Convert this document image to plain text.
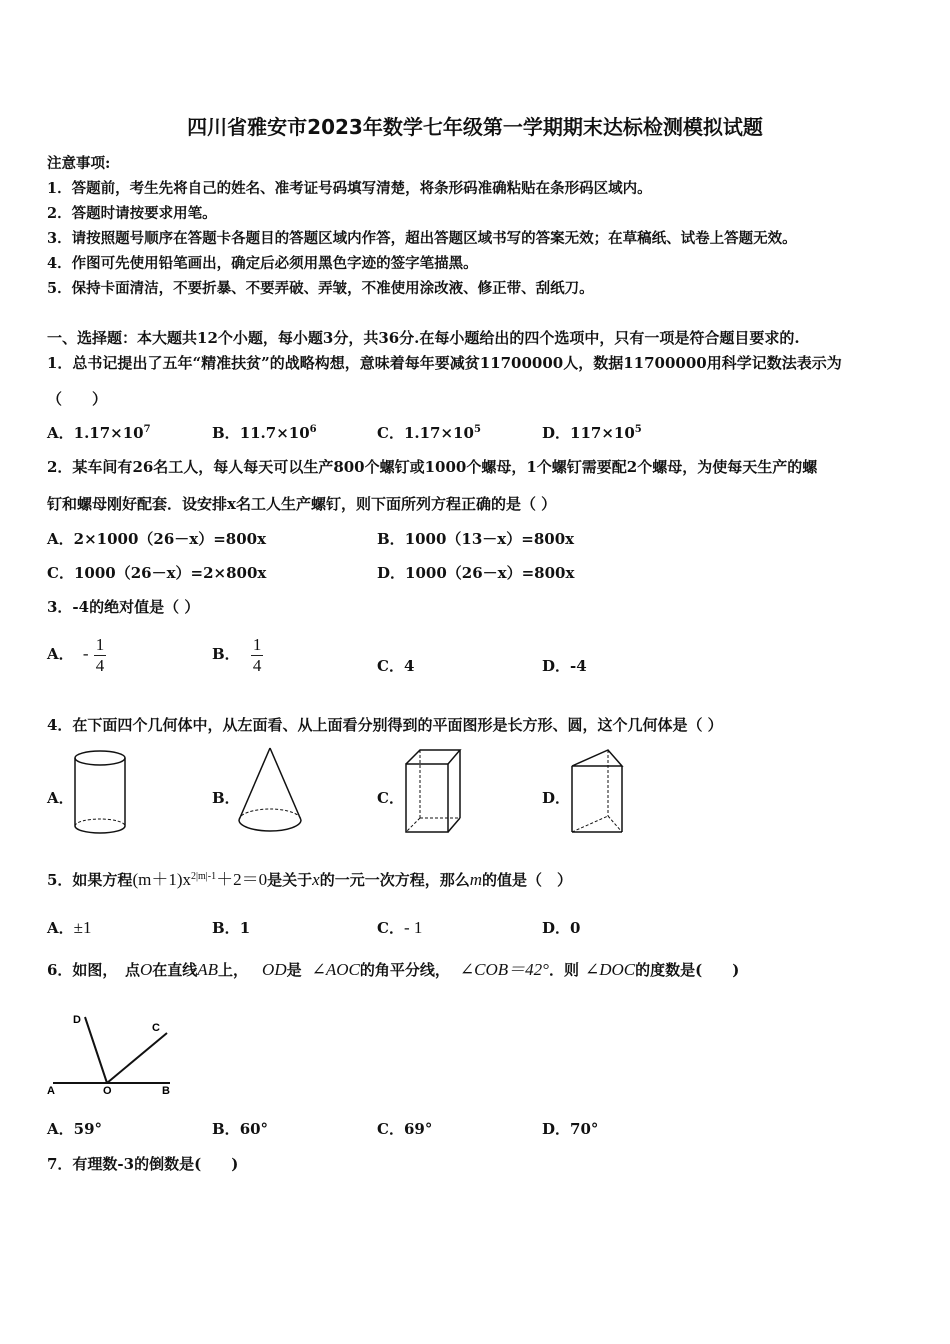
四川省雅安市2023年数学七年级第一学期期末达标检测模拟试题
注意事项:
1．答题前，考生先将自己的姓名、准考证号码填写清楚，将条形码准确粘贴在条形码区域内。
2．答题时请按要求用笔。
3．请按照题号顺序在答题卡各题目的答题区域内作答，超出答题区域书写的答案无效；在草稿纸、试卷上答题无效。
4．作图可先使用铅笔画出，确定后必须用黑色字迹的签字笔描黑。
5．保持卡面清洁，不要折暴、不要弄破、弄皱，不准使用涂改液、修正带、刮纸刀。
一、选择题：本大题共12个小题，每小题3分，共36分.在每小题给出的四个选项中，只有一项是符合题目要求的.
1．总书记提出了五年“精准扶贫”的战略构想，意味着每年要减贫11700000人，数据11700000用科学记数法表示为
（　　）
A．$1.17\times 10^7$	B．$11.7\times 10^6$	C．$1.17\times 10^5$	D．$117\times 10^5$
2．某车间有26名工人，每人每天可以生产800个螺钉或1000个螺母，1个螺钉需要配2个螺母，为使每天生产的螺
钉和螺母刚好配套．设安排x名工人生产螺钉，则下面所列方程正确的是（ ）
A．2×1000（26－x）=800x	B．1000（13－x）=800x
C．1000（26－x）=2×800x	D．1000（26－x）=800x
3．-4的绝对值是（ ）
A． - $\frac{1}{4}$	B． $\frac{1}{4}$	C．4	D．-4
4．在下面四个几何体中，从左面看、从上面看分别得到的平面图形是长方形、圆，这个几何体是（ ）
A．	B．	C．	D．
5．如果方程$(m+1)x^{2|m|-1}+2=0$是关于x的一元一次方程，那么m的值是（　）
A．±1	B．1	C．- 1	D．0
6．如图，　点O在直线AB上， OD是 ∠AOC的角平分线， ∠COB＝42°．则 ∠DOC的度数是(　　)
A	O	B
C
D
A．59°	B．60°	C．69°	D．70°
7．有理数-3的倒数是(　　)
